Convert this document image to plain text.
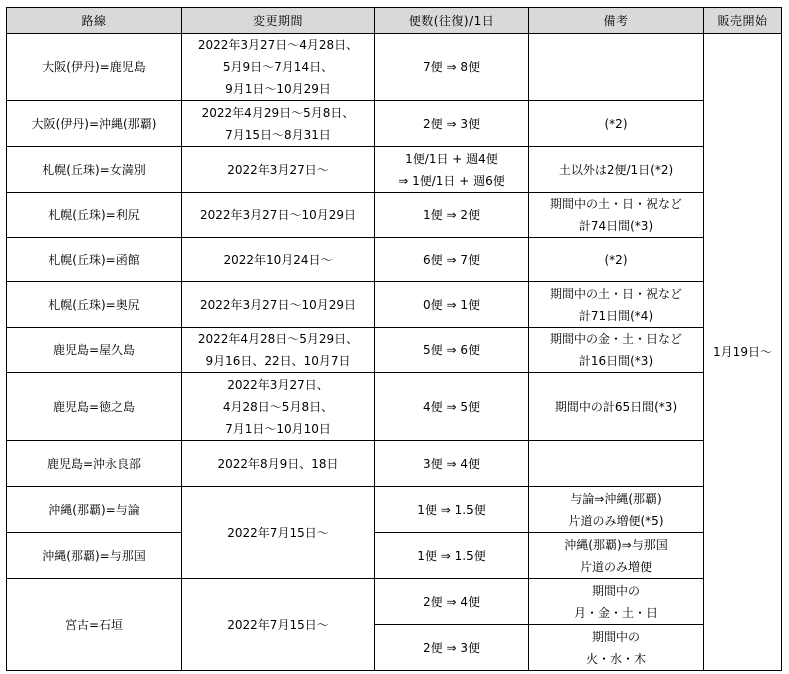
路線	変更期間	便数(往復)/1日	備考	販売開始
大阪(伊丹)=鹿児島	2022年3月27日～4月28日、
5月9日～7月14日、
9月1日～10月29日	7便 ⇒ 8便		1月19日～
大阪(伊丹)=沖縄(那覇)	2022年4月29日～5月8日、
7月15日～8月31日	2便 ⇒ 3便	(*2)	
札幌(丘珠)=女満別	2022年3月27日～	1便/1日 + 週4便
⇒ 1便/1日 + 週6便	土以外は2便/1日(*2)	
札幌(丘珠)=利尻	2022年3月27日～10月29日	1便 ⇒ 2便	期間中の土・日・祝など
計74日間(*3)	
札幌(丘珠)=函館	2022年10月24日～	6便 ⇒ 7便	(*2)	
札幌(丘珠)=奥尻	2022年3月27日～10月29日	0便 ⇒ 1便	期間中の土・日・祝など
計71日間(*4)	
鹿児島=屋久島	2022年4月28日～5月29日、
9月16日、22日、10月7日	5便 ⇒ 6便	期間中の金・土・日など
計16日間(*3)	
鹿児島=徳之島	2022年3月27日、
4月28日～5月8日、
7月1日～10月10日	4便 ⇒ 5便	期間中の計65日間(*3)	
鹿児島=沖永良部	2022年8月9日、18日	3便 ⇒ 4便		
沖縄(那覇)=与論	2022年7月15日～	1便 ⇒ 1.5便	与論⇒沖縄(那覇)
片道のみ増便(*5)	
沖縄(那覇)=与那国		1便 ⇒ 1.5便	沖縄(那覇)⇒与那国
片道のみ増便	
宮古=石垣	2022年7月15日～	2便 ⇒ 4便	期間中の
月・金・土・日	
		2便 ⇒ 3便	期間中の
火・水・木	
